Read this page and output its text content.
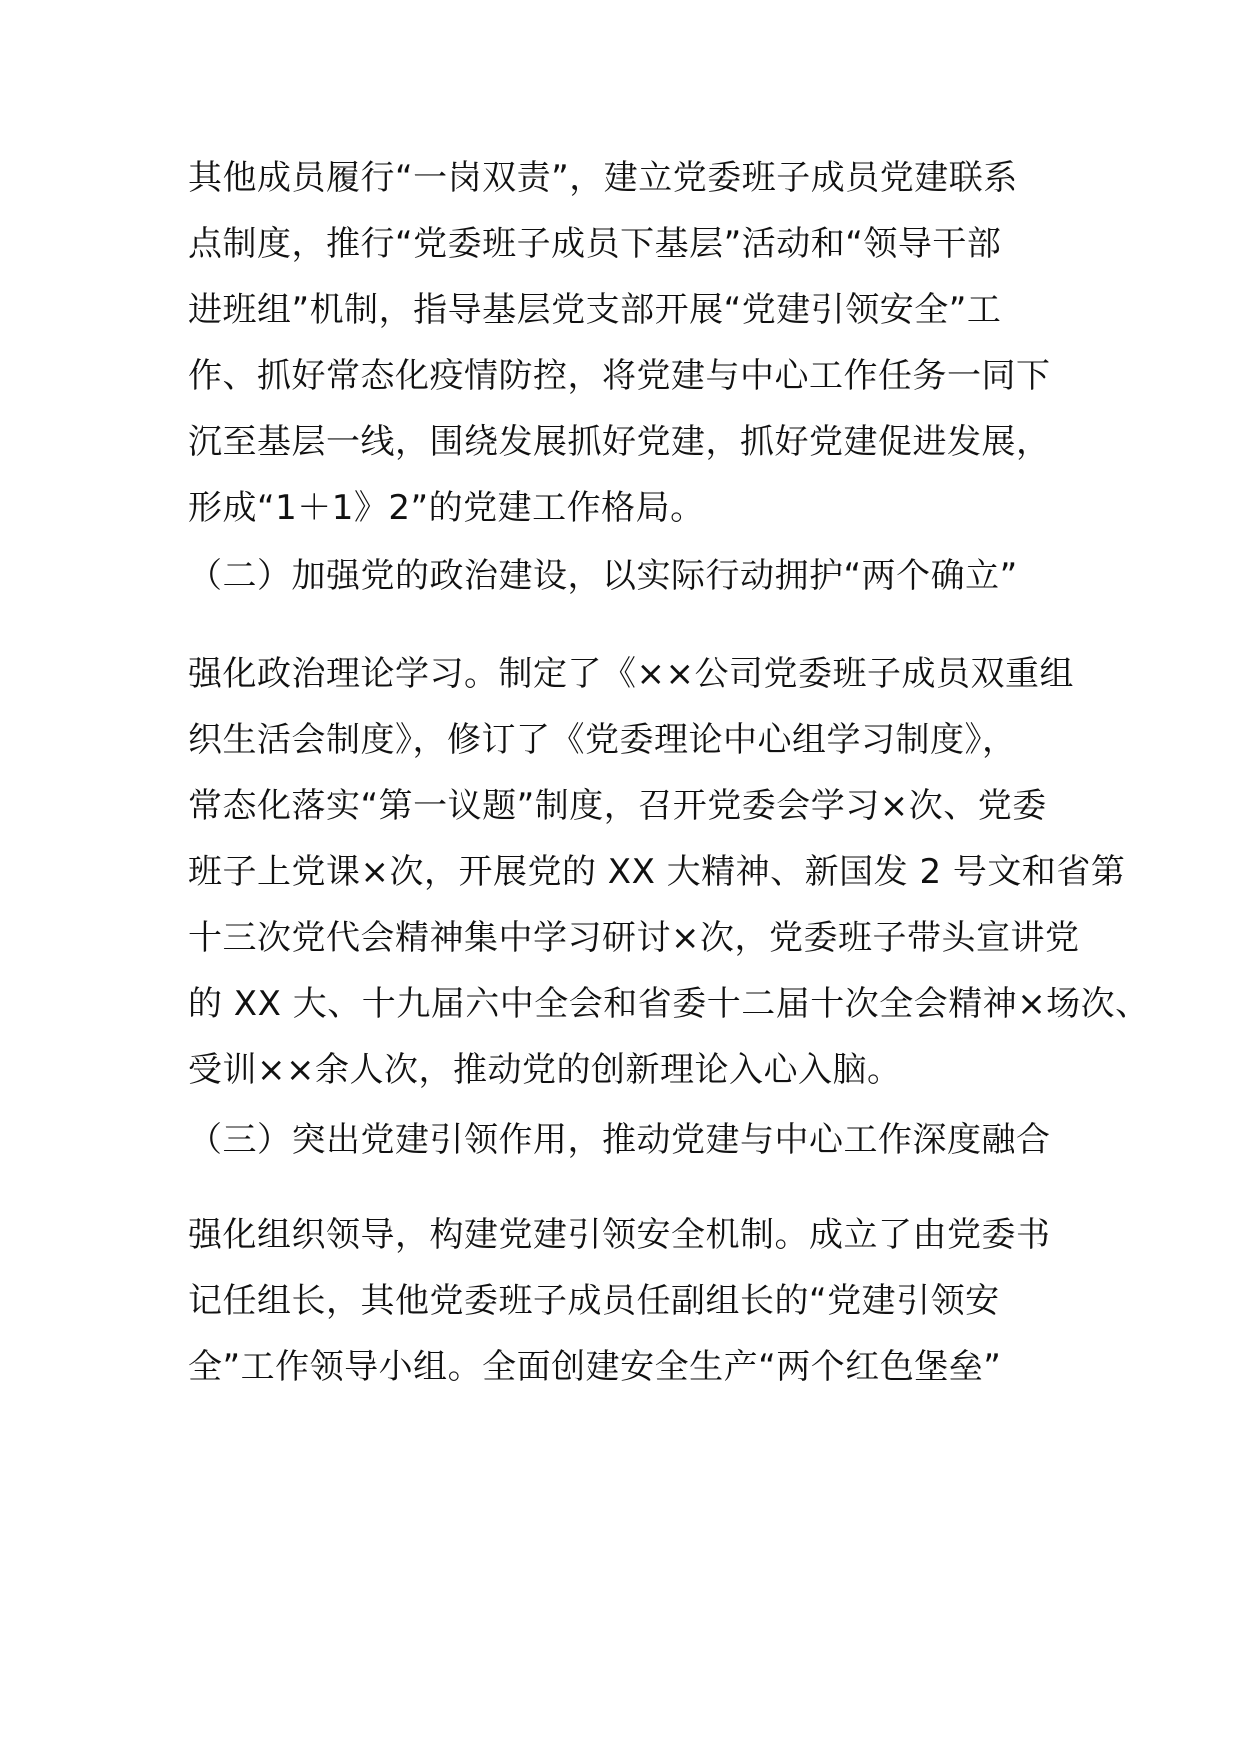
其他成员履行“一岗双责”，建立党委班子成员党建联系

点制度，推行“党委班子成员下基层”活动和“领导干部

进班组”机制，指导基层党支部开展“党建引领安全”工

作、抓好常态化疫情防控，将党建与中心工作任务一同下

沉至基层一线，围绕发展抓好党建，抓好党建促进发展，

形成“1＋1》2”的党建工作格局。

（二）加强党的政治建设，以实际行动拥护“两个确立”

强化政治理论学习。制定了《××公司党委班子成员双重组

织生活会制度》，修订了《党委理论中心组学习制度》，

常态化落实“第一议题”制度，召开党委会学习×次、党委

班子上党课×次，开展党的 XX 大精神、新国发 2 号文和省第

十三次党代会精神集中学习研讨×次，党委班子带头宣讲党

的 XX 大、十九届六中全会和省委十二届十次全会精神×场次、

受训××余人次，推动党的创新理论入心入脑。

（三）突出党建引领作用，推动党建与中心工作深度融合

强化组织领导，构建党建引领安全机制。成立了由党委书

记任组长，其他党委班子成员任副组长的“党建引领安

全”工作领导小组。全面创建安全生产“两个红色堡垒”
